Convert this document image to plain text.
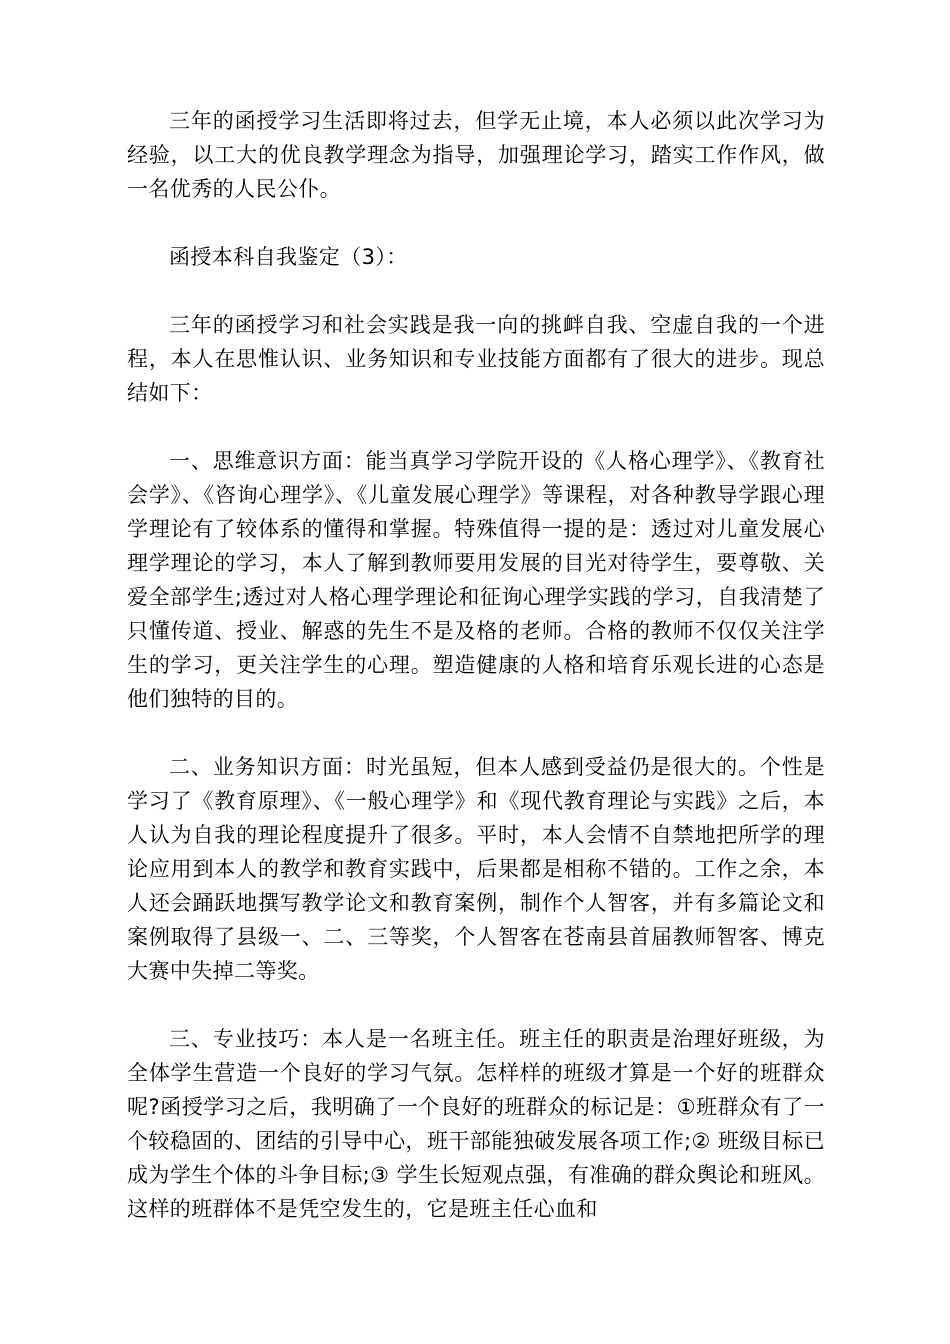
三年的函授学习生活即将过去，但学无止境，本人必须以此次学习为经验，以工大的优良教学理念为指导，加强理论学习，踏实工作作风，做一名优秀的人民公仆。

函授本科自我鉴定（3）：

三年的函授学习和社会实践是我一向的挑衅自我、空虚自我的一个进程，本人在思惟认识、业务知识和专业技能方面都有了很大的进步。现总结如下：

一、思维意识方面：能当真学习学院开设的《人格心理学》、《教育社会学》、《咨询心理学》、《儿童发展心理学》等课程，对各种教导学跟心理学理论有了较体系的懂得和掌握。特殊值得一提的是：透过对儿童发展心理学理论的学习，本人了解到教师要用发展的目光对待学生，要尊敬、关爱全部学生;透过对人格心理学理论和征询心理学实践的学习，自我清楚了只懂传道、授业、解惑的先生不是及格的老师。合格的教师不仅仅关注学生的学习，更关注学生的心理。塑造健康的人格和培育乐观长进的心态是他们独特的目的。

二、业务知识方面：时光虽短，但本人感到受益仍是很大的。个性是学习了《教育原理》、《一般心理学》和《现代教育理论与实践》之后，本人认为自我的理论程度提升了很多。平时，本人会情不自禁地把所学的理论应用到本人的教学和教育实践中，后果都是相称不错的。工作之余，本人还会踊跃地撰写教学论文和教育案例，制作个人智客，并有多篇论文和案例取得了县级一、二、三等奖，个人智客在苍南县首届教师智客、博克大赛中失掉二等奖。

三、专业技巧：本人是一名班主任。班主任的职责是治理好班级，为全体学生营造一个良好的学习气氛。怎样样的班级才算是一个好的班群众呢?函授学习之后，我明确了一个良好的班群众的标记是：①班群众有了一个较稳固的、团结的引导中心，班干部能独破发展各项工作;② 班级目标已成为学生个体的斗争目标;③ 学生长短观点强，有准确的群众舆论和班风。这样的班群体不是凭空发生的，它是班主任心血和
